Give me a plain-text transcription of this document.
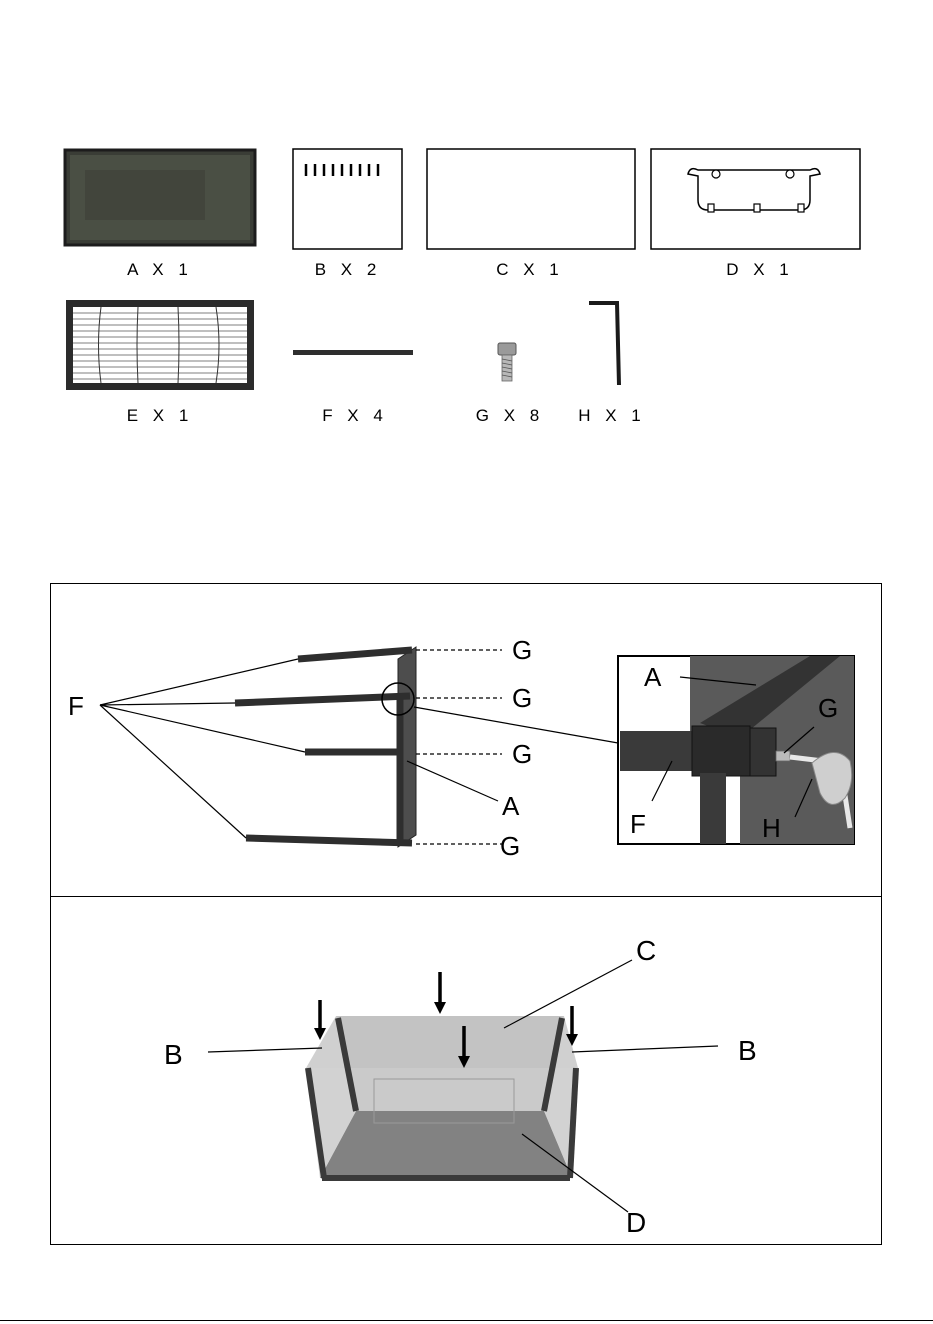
A X 1	B X 2	C X 1	D X 1
E X 1	F X 4	G X 8	H X 1
F
G
G
G
G
A
A
G
F	H
B	B
C
D
